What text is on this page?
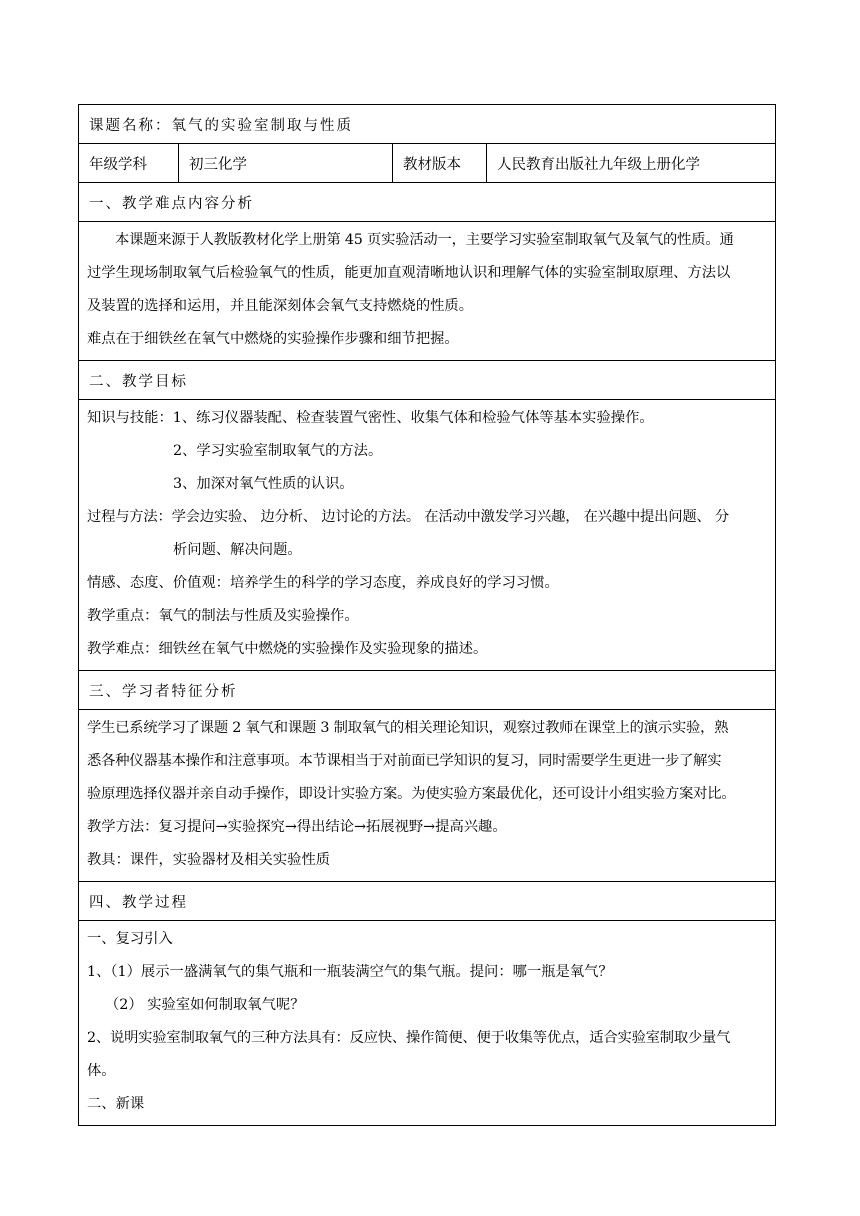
课题名称： 氧气的实验室制取与性质
年级学科	初三化学	教材版本	人民教育出版社九年级上册化学
一、教学难点内容分析

本课题来源于人教版教材化学上册第 45 页实验活动一，主要学习实验室制取氧气及氧气的性质。通

过学生现场制取氧气后检验氧气的性质，能更加直观清晰地认识和理解气体的实验室制取原理、方法以

及装置的选择和运用，并且能深刻体会氧气支持燃烧的性质。

难点在于细铁丝在氧气中燃烧的实验操作步骤和细节把握。

二、教学目标

知识与技能：1、练习仪器装配、检查装置气密性、收集气体和检验气体等基本实验操作。

2、学习实验室制取氧气的方法。

3、加深对氧气性质的认识。

过程与方法：学会边实验、 边分析、 边讨论的方法。 在活动中激发学习兴趣， 在兴趣中提出问题、 分

析问题、解决问题。

情感、态度、价值观：培养学生的科学的学习态度，养成良好的学习习惯。

教学重点：氧气的制法与性质及实验操作。

教学难点：细铁丝在氧气中燃烧的实验操作及实验现象的描述。

三、学习者特征分析

学生已系统学习了课题 2 氧气和课题 3 制取氧气的相关理论知识，观察过教师在课堂上的演示实验，熟

悉各种仪器基本操作和注意事项。本节课相当于对前面已学知识的复习，同时需要学生更进一步了解实

验原理选择仪器并亲自动手操作，即设计实验方案。为使实验方案最优化，还可设计小组实验方案对比。

教学方法：复习提问→实验探究→得出结论→拓展视野→提高兴趣。

教具：课件，实验器材及相关实验性质

四、教学过程

一、复习引入

1、（1）展示一盛满氧气的集气瓶和一瓶装满空气的集气瓶。提问：哪一瓶是氧气？

（2） 实验室如何制取氧气呢？

2、说明实验室制取氧气的三种方法具有：反应快、操作简便、便于收集等优点，适合实验室制取少量气

体。

二、新课
